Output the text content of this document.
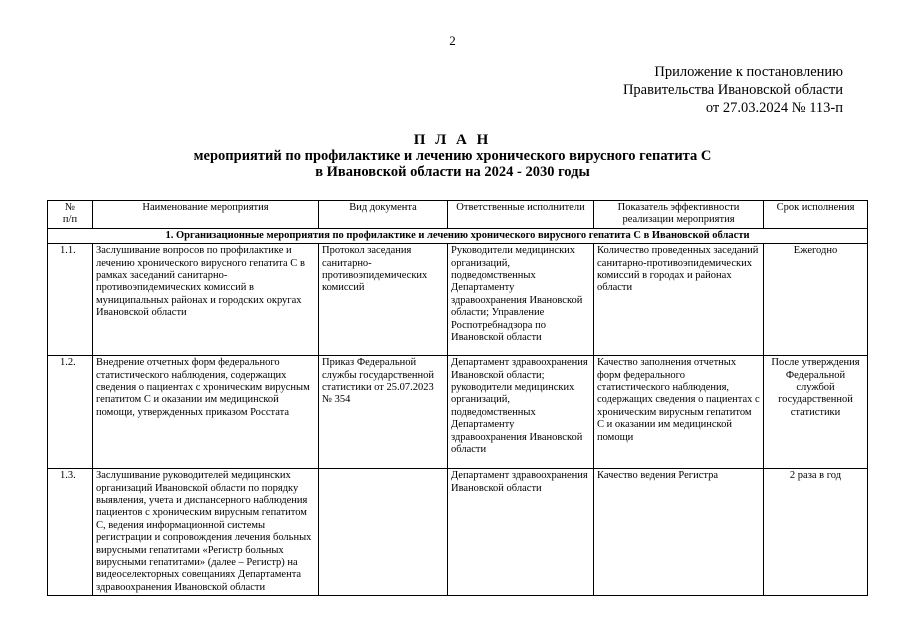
2
Приложение к постановлению
Правительства Ивановской области
от 27.03.2024 № 113-п
П Л А Н
мероприятий по профилактике и лечению хронического вирусного гепатита С
в Ивановской области на 2024 - 2030 годы
№
п/п	Наименование мероприятия	Вид документа	Ответственные исполнители	Показатель эффективности реализации мероприятия	Срок исполнения
1. Организационные мероприятия по профилактике и лечению хронического вирусного гепатита С в Ивановской области					
1.1.	Заслушивание вопросов по профилактике и лечению хронического вирусного гепатита С в рамках заседаний санитарно-противоэпидемических комиссий в муниципальных районах и городских округах Ивановской области	Протокол заседания санитарно-противоэпидемических комиссий	Руководители медицинских организаций, подведомственных Департаменту здравоохранения Ивановской области; Управление Роспотребнадзора по Ивановской области	Количество проведенных заседаний санитарно-противоэпидемических комиссий в городах и районах области	Ежегодно
1.2.	Внедрение отчетных форм федерального статистического наблюдения, содержащих сведения о пациентах с хроническим вирусным гепатитом С и оказании им медицинской помощи, утвержденных приказом Росстата	Приказ Федеральной службы государственной статистики от 25.07.2023 № 354	Департамент здравоохранения Ивановской области; руководители медицинских организаций, подведомственных Департаменту здравоохранения Ивановской области	Качество заполнения отчетных форм федерального статистического наблюдения, содержащих сведения о пациентах с хроническим вирусным гепатитом С и оказании им медицинской помощи	После утверждения Федеральной службой государственной статистики
1.3.	Заслушивание руководителей медицинских организаций Ивановской области по порядку выявления, учета и диспансерного наблюдения пациентов с хроническим вирусным гепатитом С, ведения информационной системы регистрации и сопровождения лечения больных вирусными гепатитами «Регистр больных вирусными гепатитами» (далее – Регистр) на видеоселекторных совещаниях Департамента здравоохранения Ивановской области		Департамент здравоохранения Ивановской области	Качество ведения Регистра	2 раза в год
